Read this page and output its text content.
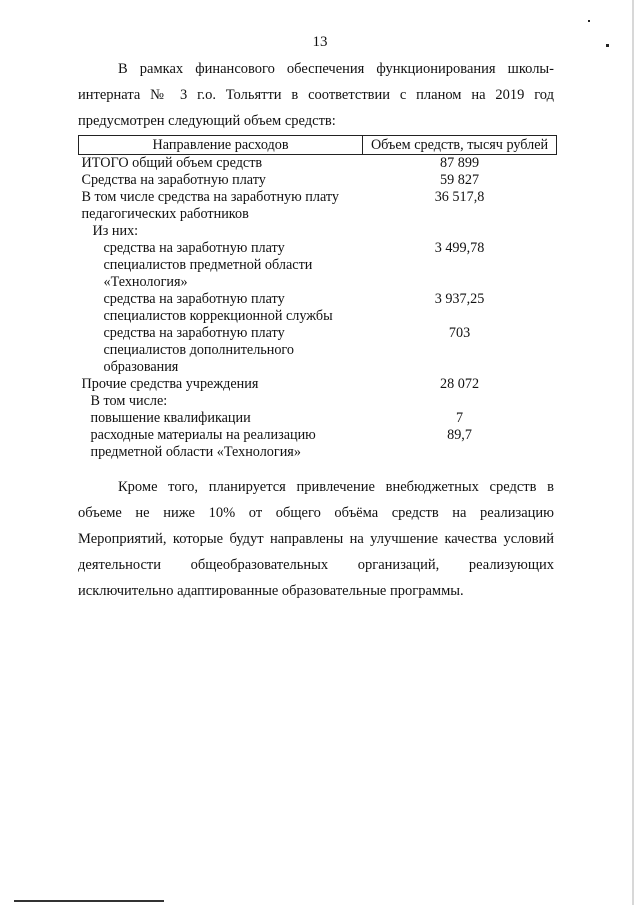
13
В рамках финансового обеспечения функционирования школы-
интерната № 3 г.о. Тольятти в соответствии с планом на 2019 год
предусмотрен следующий объем средств:
Направление расходов	Объем средств, тысяч рублей
ИТОГО общий объем средств	87 899
Средства на заработную плату	59 827
В том числе средства на заработную плату педагогических работников	36 517,8
Из них:	
средства на заработную плату специалистов предметной области «Технология»	3 499,78
средства на заработную плату специалистов коррекционной службы	3 937,25
средства на заработную плату специалистов дополнительного образования	703
Прочие средства учреждения	28 072
В том числе:	
повышение квалификации	7
расходные материалы на реализацию предметной области «Технология»	89,7
Кроме того, планируется привлечение внебюджетных средств в
объеме не ниже 10% от общего объёма средств на реализацию
Мероприятий, которые будут направлены на улучшение качества условий
деятельности общеобразовательных организаций, реализующих
исключительно адаптированные образовательные программы.
